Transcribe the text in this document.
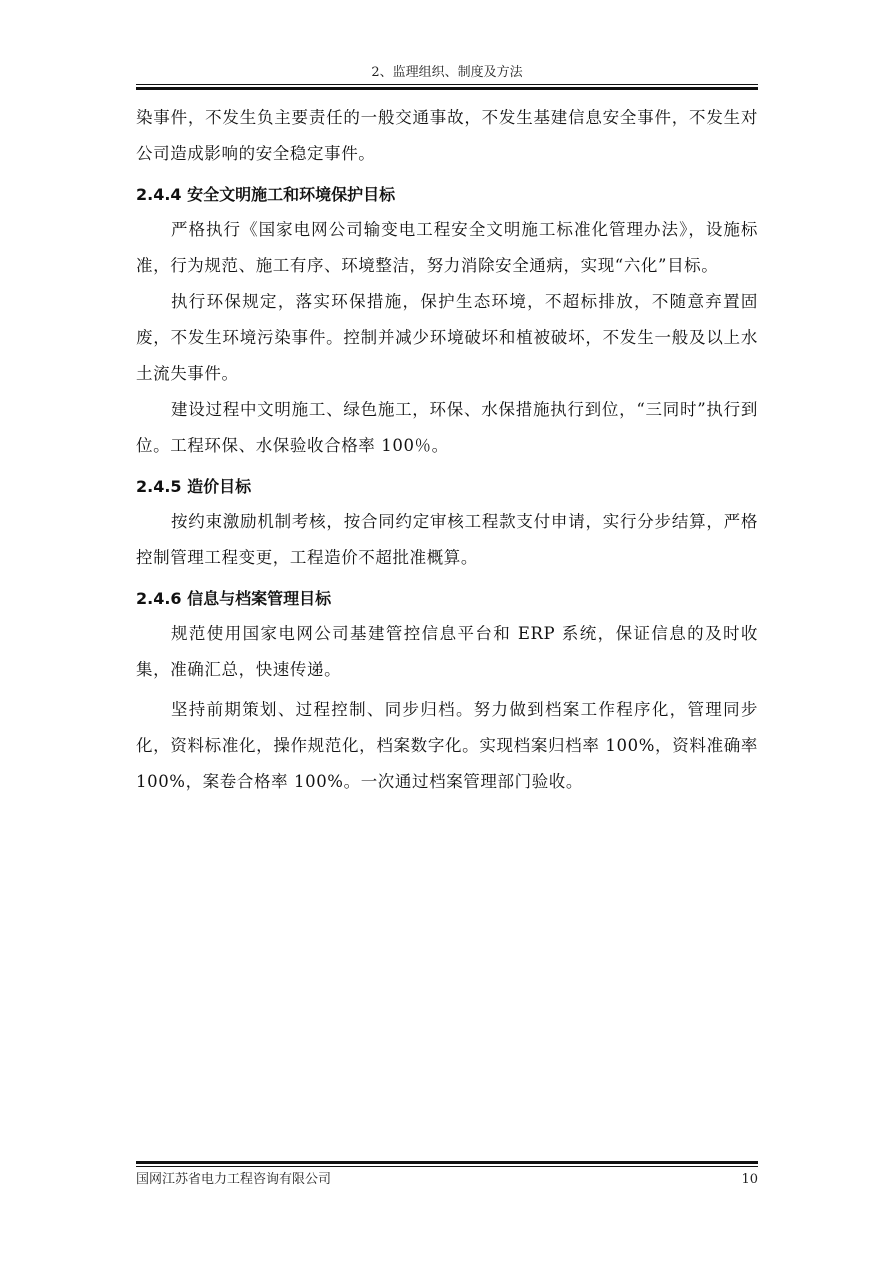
2、监理组织、制度及方法

染事件，不发生负主要责任的一般交通事故，不发生基建信息安全事件，不发生对公司造成影响的安全稳定事件。

2.4.4 安全文明施工和环境保护目标

严格执行《国家电网公司输变电工程安全文明施工标准化管理办法》，设施标准，行为规范、施工有序、环境整洁，努力消除安全通病，实现“六化”目标。

执行环保规定，落实环保措施，保护生态环境，不超标排放，不随意弃置固废，不发生环境污染事件。控制并减少环境破坏和植被破坏，不发生一般及以上水土流失事件。

建设过程中文明施工、绿色施工，环保、水保措施执行到位，“三同时”执行到位。工程环保、水保验收合格率 100％。

2.4.5 造价目标

按约束激励机制考核，按合同约定审核工程款支付申请，实行分步结算，严格控制管理工程变更，工程造价不超批准概算。

2.4.6 信息与档案管理目标

规范使用国家电网公司基建管控信息平台和 ERP 系统，保证信息的及时收集，准确汇总，快速传递。

坚持前期策划、过程控制、同步归档。努力做到档案工作程序化，管理同步化，资料标准化，操作规范化，档案数字化。实现档案归档率 100%，资料准确率 100%，案卷合格率 100%。一次通过档案管理部门验收。

国网江苏省电力工程咨询有限公司	10
